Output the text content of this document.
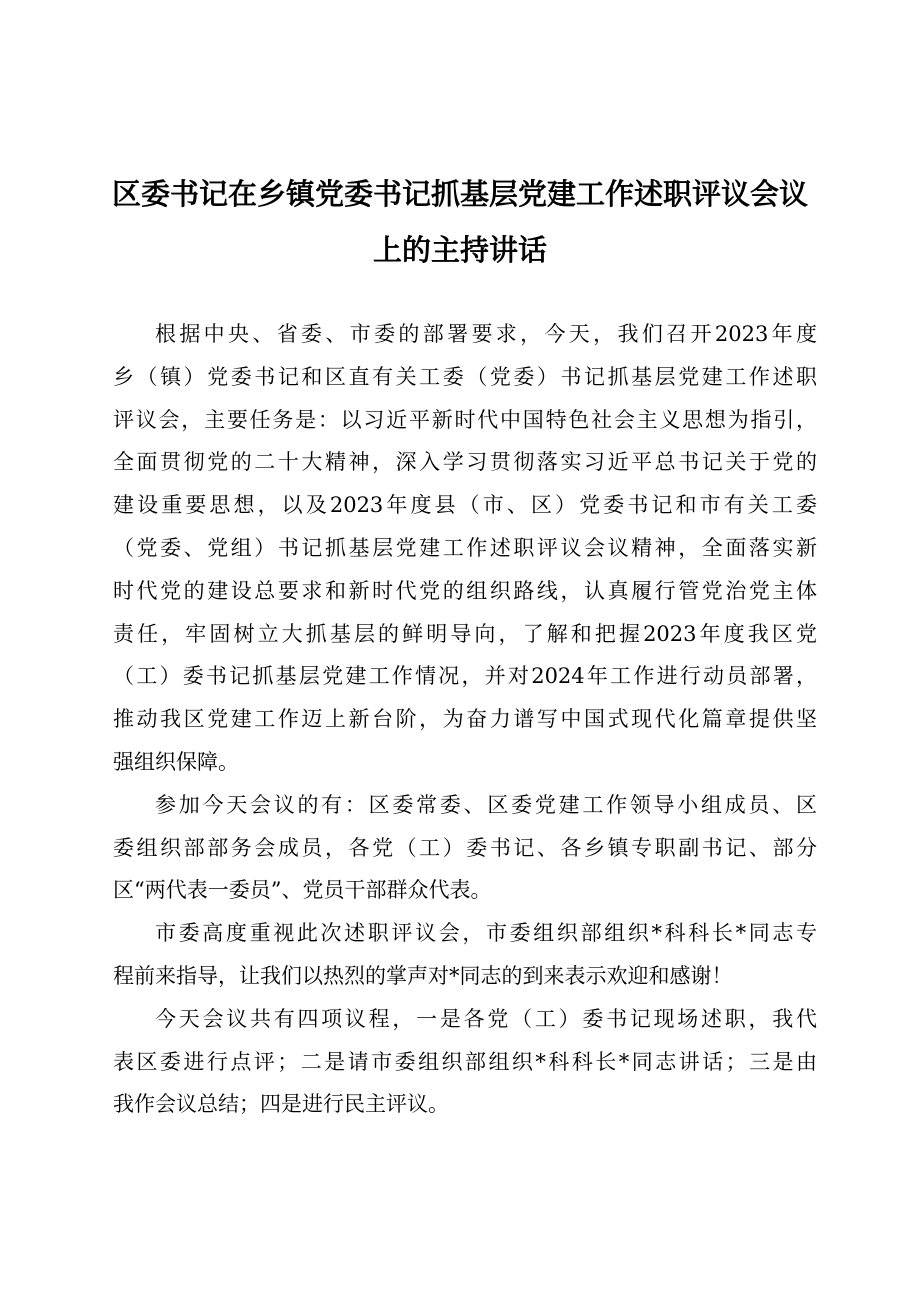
区委书记在乡镇党委书记抓基层党建工作述职评议会议
上的主持讲话

根据中央、省委、市委的部署要求，今天，我们召开2023年度
乡（镇）党委书记和区直有关工委（党委）书记抓基层党建工作述职
评议会，主要任务是：以习近平新时代中国特色社会主义思想为指引，
全面贯彻党的二十大精神，深入学习贯彻落实习近平总书记关于党的
建设重要思想，以及2023年度县（市、区）党委书记和市有关工委
（党委、党组）书记抓基层党建工作述职评议会议精神，全面落实新
时代党的建设总要求和新时代党的组织路线，认真履行管党治党主体
责任，牢固树立大抓基层的鲜明导向，了解和把握2023年度我区党
（工）委书记抓基层党建工作情况，并对2024年工作进行动员部署，
推动我区党建工作迈上新台阶，为奋力谱写中国式现代化篇章提供坚
强组织保障。

参加今天会议的有：区委常委、区委党建工作领导小组成员、区
委组织部部务会成员，各党（工）委书记、各乡镇专职副书记、部分
区“两代表一委员”、党员干部群众代表。

市委高度重视此次述职评议会，市委组织部组织*科科长*同志专
程前来指导，让我们以热烈的掌声对*同志的到来表示欢迎和感谢！

今天会议共有四项议程，一是各党（工）委书记现场述职，我代
表区委进行点评；二是请市委组织部组织*科科长*同志讲话；三是由
我作会议总结；四是进行民主评议。
